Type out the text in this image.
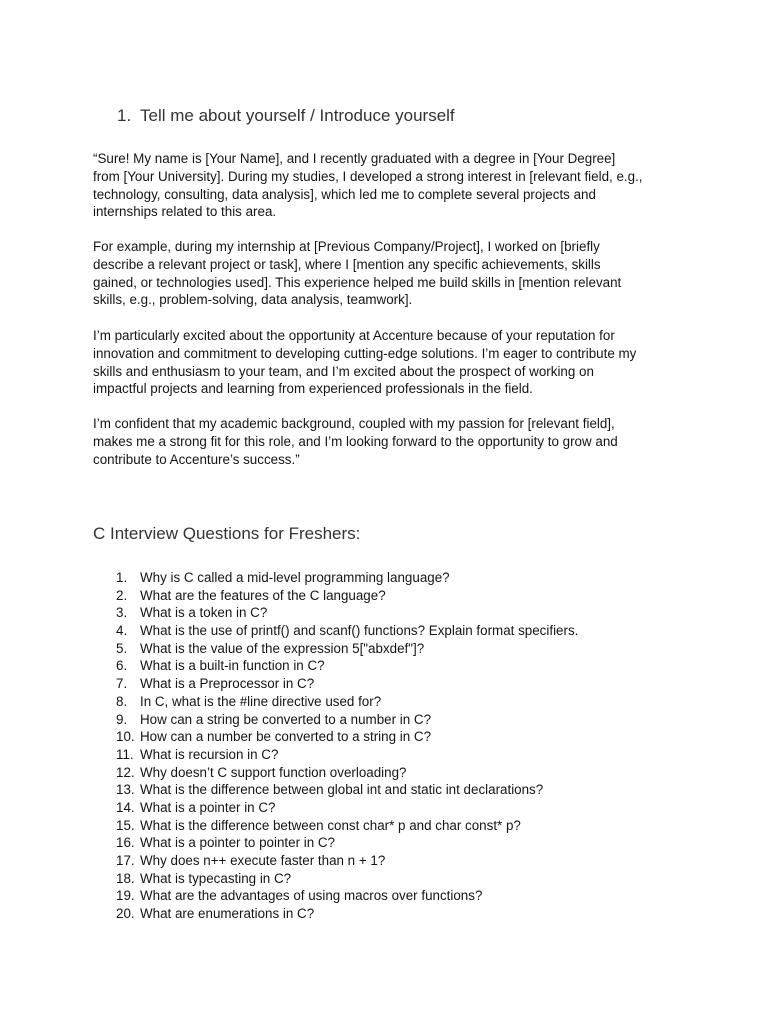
1. Tell me about yourself / Introduce yourself
“Sure! My name is [Your Name], and I recently graduated with a degree in [Your Degree]
from [Your University]. During my studies, I developed a strong interest in [relevant field, e.g.,
technology, consulting, data analysis], which led me to complete several projects and
internships related to this area.
For example, during my internship at [Previous Company/Project], I worked on [briefly
describe a relevant project or task], where I [mention any specific achievements, skills
gained, or technologies used]. This experience helped me build skills in [mention relevant
skills, e.g., problem-solving, data analysis, teamwork].
I’m particularly excited about the opportunity at Accenture because of your reputation for
innovation and commitment to developing cutting-edge solutions. I’m eager to contribute my
skills and enthusiasm to your team, and I’m excited about the prospect of working on
impactful projects and learning from experienced professionals in the field.
I’m confident that my academic background, coupled with my passion for [relevant field],
makes me a strong fit for this role, and I’m looking forward to the opportunity to grow and
contribute to Accenture’s success.”
C Interview Questions for Freshers:
1. Why is C called a mid-level programming language?
2. What are the features of the C language?
3. What is a token in C?
4. What is the use of printf() and scanf() functions? Explain format specifiers.
5. What is the value of the expression 5["abxdef"]?
6. What is a built-in function in C?
7. What is a Preprocessor in C?
8. In C, what is the #line directive used for?
9. How can a string be converted to a number in C?
10. How can a number be converted to a string in C?
11. What is recursion in C?
12. Why doesn’t C support function overloading?
13. What is the difference between global int and static int declarations?
14. What is a pointer in C?
15. What is the difference between const char* p and char const* p?
16. What is a pointer to pointer in C?
17. Why does n++ execute faster than n + 1?
18. What is typecasting in C?
19. What are the advantages of using macros over functions?
20. What are enumerations in C?
